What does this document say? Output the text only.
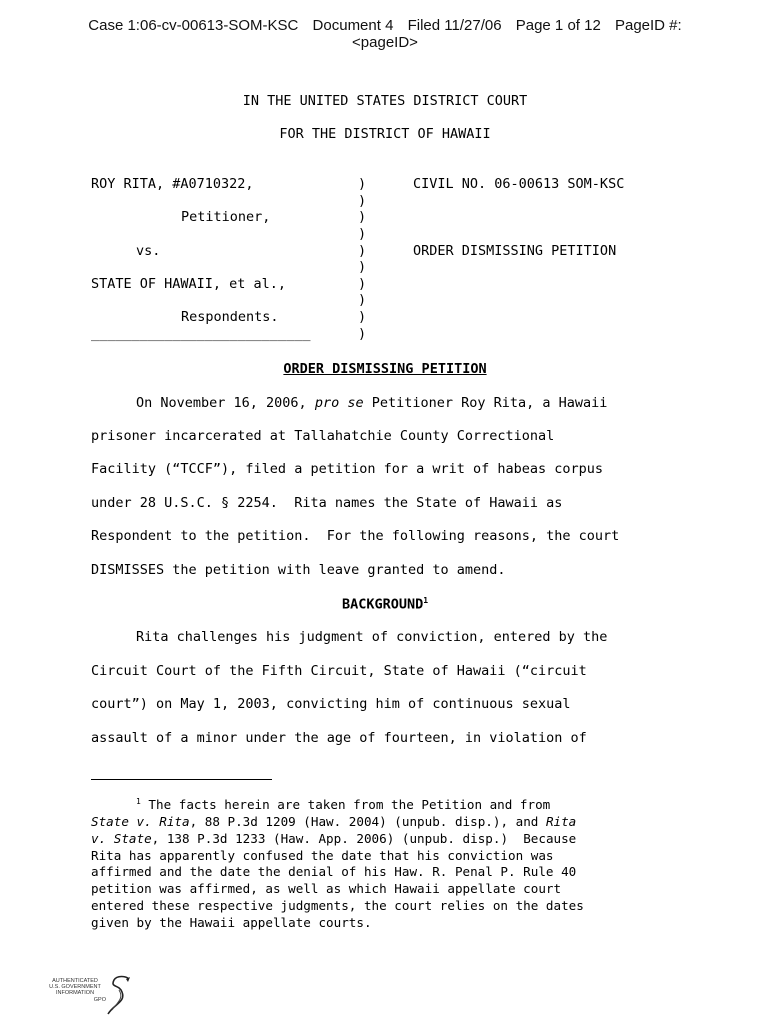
Case 1:06-cv-00613-SOM-KSC Document 4 Filed 11/27/06 Page 1 of 12 PageID #:
<pageID>
IN THE UNITED STATES DISTRICT COURT
FOR THE DISTRICT OF HAWAII
ROY RITA, #A0710322,
Petitioner,
vs.
STATE OF HAWAII, et al.,
Respondents.
___________________________
)
)
)
)
)
)
)
)
)
)
CIVIL NO. 06-00613 SOM-KSC
ORDER DISMISSING PETITION
ORDER DISMISSING PETITION
On November 16, 2006, pro se Petitioner Roy Rita, a Hawaii
prisoner incarcerated at Tallahatchie County Correctional
Facility (“TCCF”), filed a petition for a writ of habeas corpus
under 28 U.S.C. § 2254.  Rita names the State of Hawaii as
Respondent to the petition.  For the following reasons, the court
DISMISSES the petition with leave granted to amend.
BACKGROUND$^1$
Rita challenges his judgment of conviction, entered by the
Circuit Court of the Fifth Circuit, State of Hawaii (“circuit
court”) on May 1, 2003, convicting him of continuous sexual
assault of a minor under the age of fourteen, in violation of
$^1$ The facts herein are taken from the Petition and from
State v. Rita, 88 P.3d 1209 (Haw. 2004) (unpub. disp.), and Rita
v. State, 138 P.3d 1233 (Haw. App. 2006) (unpub. disp.)  Because
Rita has apparently confused the date that his conviction was
affirmed and the date the denial of his Haw. R. Penal P. Rule 40
petition was affirmed, as well as which Hawaii appellate court
entered these respective judgments, the court relies on the dates
given by the Hawaii appellate courts.
AUTHENTICATED
U.S. GOVERNMENT
INFORMATION
GPO
